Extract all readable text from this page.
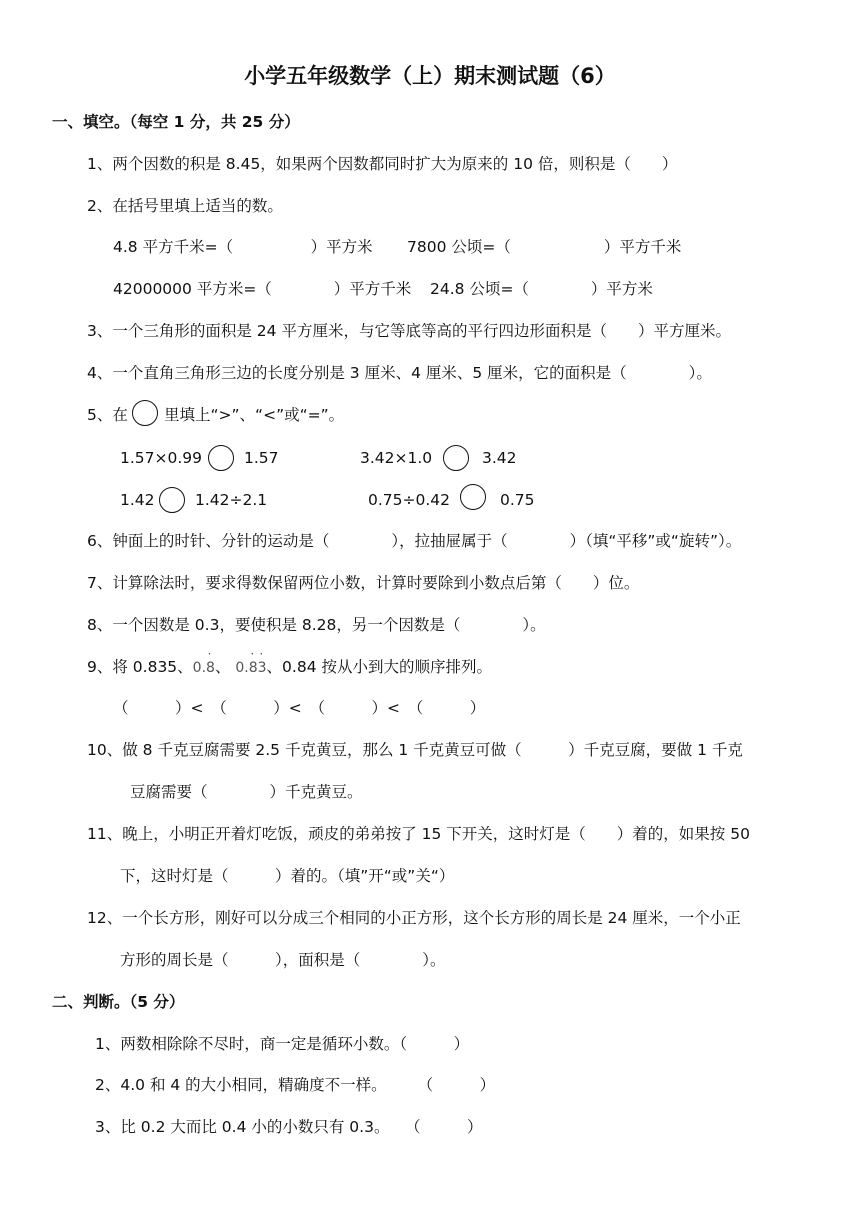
小学五年级数学（上）期末测试题（6）
一、填空。（每空 1 分，共 25 分）
1、两个因数的积是 8.45，如果两个因数都同时扩大为原来的 10 倍，则积是（　　）
2、在括号里填上适当的数。
4.8 平方千米=（　　　　　）平方米 7800 公顷=（　　　　　　）平方千米
42000000 平方米=（　　　　）平方千米 24.8 公顷=（　　　　）平方米
3、一个三角形的面积是 24 平方厘米，与它等底等高的平行四边形面积是（　　）平方厘米。
4、一个直角三角形三边的长度分别是 3 厘米、4 厘米、5 厘米，它的面积是（　　　　）。
5、在 里填上“>”、“<”或“=”。
1.57×0.99	1.57	3.42×1.0	3.42
1.42	1.42÷2.1	0.75÷0.42	0.75
6、钟面上的时针、分针的运动是（　　　　），拉抽屉属于（　　　　）（填“平移”或“旋转”）。
7、计算除法时，要求得数保留两位小数，计算时要除到小数点后第（　　）位。
8、一个因数是 0.3，要使积是 8.28，另一个因数是（　　　　）。
9、将 0.835、
·
0.8、
· ·
0.83、0.84 按从小到大的顺序排列。
（　　　）<　（　　　）<　（　　　）<　（　　　）
10、做 8 千克豆腐需要 2.5 千克黄豆，那么 1 千克黄豆可做（　　　）千克豆腐，要做 1 千克
豆腐需要（　　　　）千克黄豆。
11、晚上，小明正开着灯吃饭，顽皮的弟弟按了 15 下开关，这时灯是（　　）着的，如果按 50
下，这时灯是（　　　）着的。（填”开“或”关“）
12、一个长方形，刚好可以分成三个相同的小正方形，这个长方形的周长是 24 厘米，一个小正
方形的周长是（　　　），面积是（　　　　）。
二、判断。（5 分）
1、两数相除除不尽时，商一定是循环小数。（　　　）
2、4.0 和 4 的大小相同，精确度不一样。　　　（　　　）
3、比 0.2 大而比 0.4 小的小数只有 0.3。　　（　　　）
